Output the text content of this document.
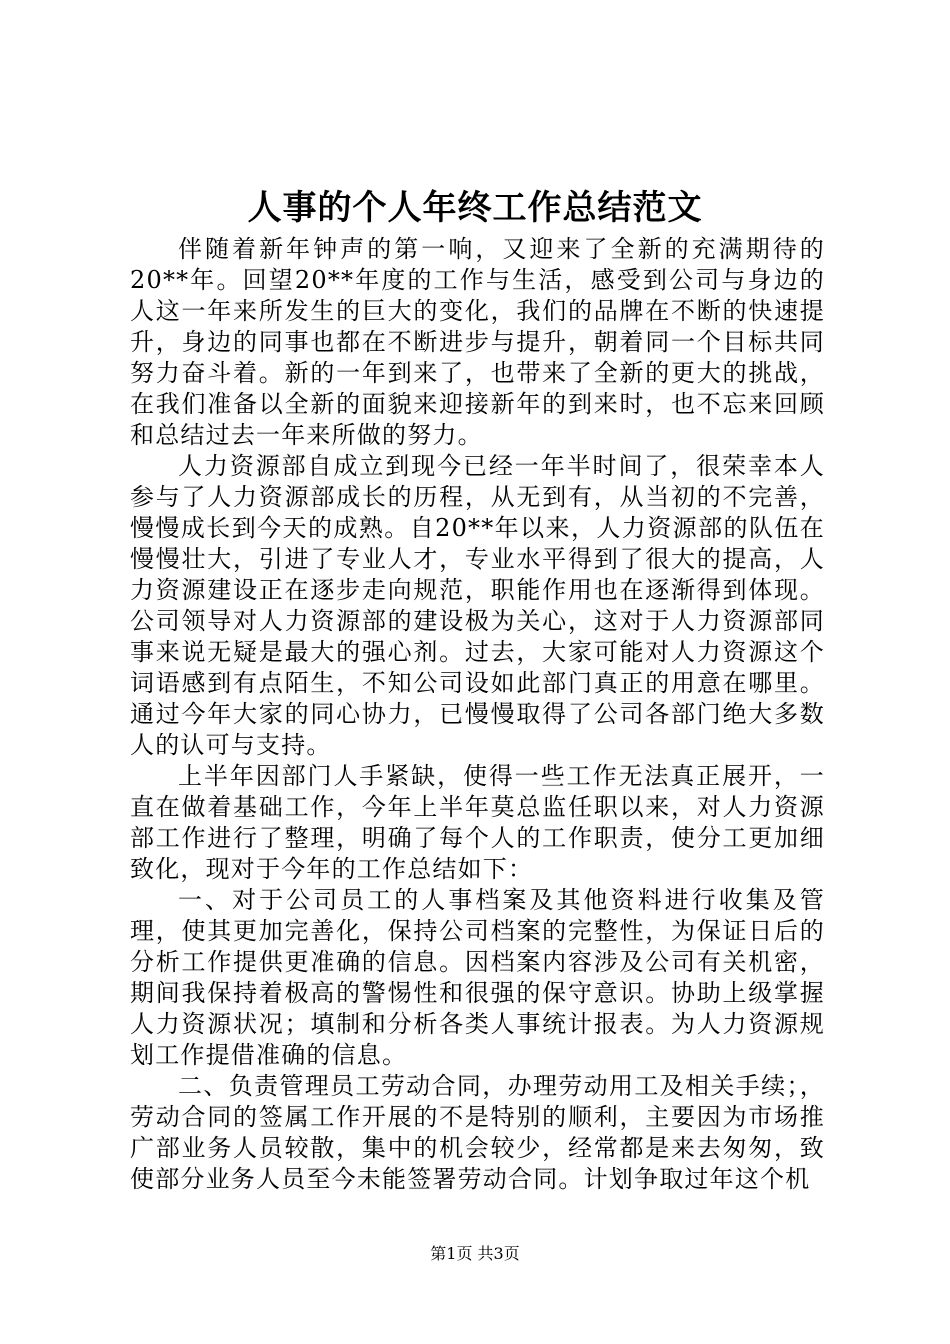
人事的个人年终工作总结范文

伴随着新年钟声的第一响，又迎来了全新的充满期待的20**年。回望20**年度的工作与生活，感受到公司与身边的人这一年来所发生的巨大的变化，我们的品牌在不断的快速提升，身边的同事也都在不断进步与提升，朝着同一个目标共同努力奋斗着。新的一年到来了，也带来了全新的更大的挑战，在我们准备以全新的面貌来迎接新年的到来时，也不忘来回顾和总结过去一年来所做的努力。

人力资源部自成立到现今已经一年半时间了，很荣幸本人参与了人力资源部成长的历程，从无到有，从当初的不完善，慢慢成长到今天的成熟。自20**年以来，人力资源部的队伍在慢慢壮大，引进了专业人才，专业水平得到了很大的提高，人力资源建设正在逐步走向规范，职能作用也在逐渐得到体现。公司领导对人力资源部的建设极为关心，这对于人力资源部同事来说无疑是最大的强心剂。过去，大家可能对人力资源这个词语感到有点陌生，不知公司设如此部门真正的用意在哪里。通过今年大家的同心协力，已慢慢取得了公司各部门绝大多数人的认可与支持。

上半年因部门人手紧缺，使得一些工作无法真正展开，一直在做着基础工作，今年上半年莫总监任职以来，对人力资源部工作进行了整理，明确了每个人的工作职责，使分工更加细致化，现对于今年的工作总结如下：

一、对于公司员工的人事档案及其他资料进行收集及管理，使其更加完善化，保持公司档案的完整性，为保证日后的分析工作提供更准确的信息。因档案内容涉及公司有关机密，期间我保持着极高的警惕性和很强的保守意识。协助上级掌握人力资源状况；填制和分析各类人事统计报表。为人力资源规划工作提借准确的信息。

二、负责管理员工劳动合同，办理劳动用工及相关手续；，劳动合同的签属工作开展的不是特别的顺利，主要因为市场推广部业务人员较散，集中的机会较少，经常都是来去匆匆，致使部分业务人员至今未能签署劳动合同。计划争取过年这个机

第1页 共3页
